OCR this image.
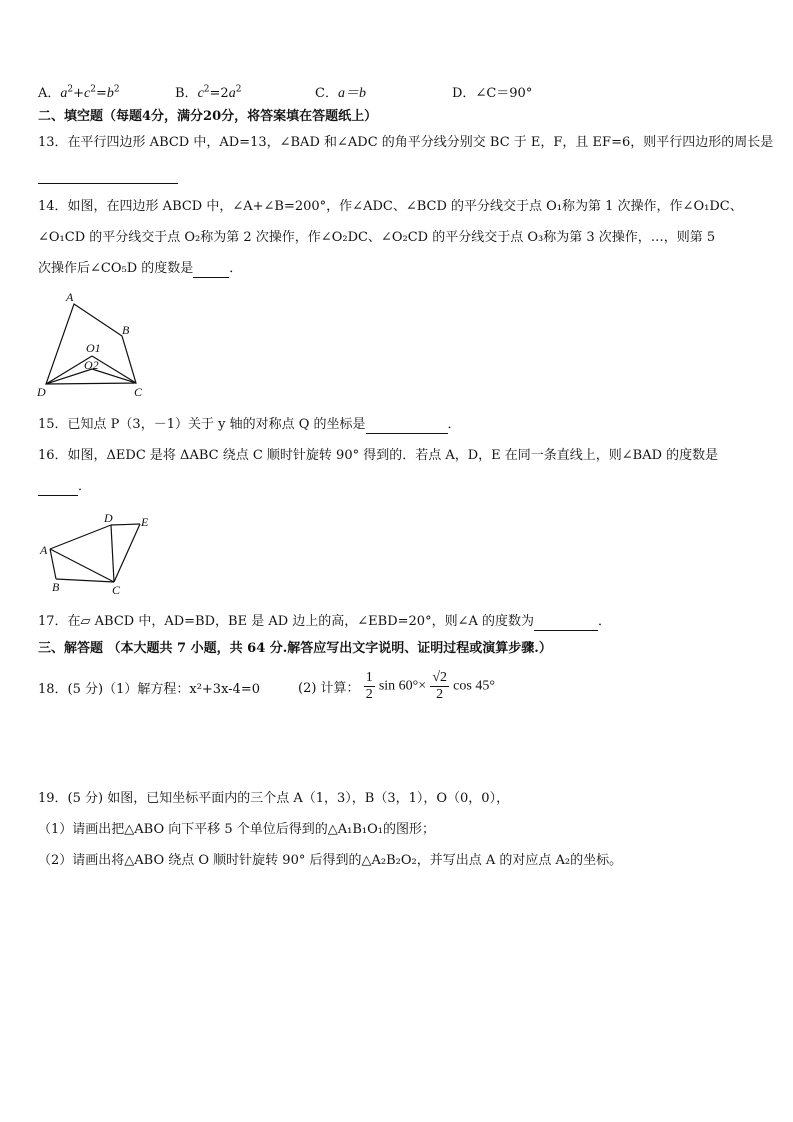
A．$a^2+c^2=b^2$	B．$c^2=2a^2$	C．a＝b	D．∠C＝90°
二、填空题（每题4分，满分20分，将答案填在答题纸上）
13．在平行四边形 ABCD 中，AD=13，∠BAD 和∠ADC 的角平分线分别交 BC 于 E，F，且 EF=6，则平行四边形的周长是
14．如图，在四边形 ABCD 中，∠A+∠B=200°，作∠ADC、∠BCD 的平分线交于点 O₁称为第 1 次操作，作∠O₁DC、
∠O₁CD 的平分线交于点 O₂称为第 2 次操作，作∠O₂DC、∠O₂CD 的平分线交于点 O₃称为第 3 次操作，…，则第 5
次操作后∠CO₅D 的度数是	．
A
B
C
D
O1
O2
15．已知点 P（3，－1）关于 y 轴的对称点 Q 的坐标是	．
16．如图，ΔEDC 是将 ΔABC 绕点 C 顺时针旋转 90° 得到的．若点 A，D，E 在同一条直线上，则∠BAD 的度数是
．
A
B	C
D E
17．在▱ ABCD 中，AD=BD，BE 是 AD 边上的高，∠EBD=20°，则∠A 的度数为	．
三、解答题 （本大题共 7 小题，共 64 分.解答应写出文字说明、证明过程或演算步骤.）
18．(5 分)（1）解方程：x²+3x-4=0	(2) 计算： $\frac{1}{2}$ $\sin 60^\circ\times \frac{√2}{2}$ cos 45°
19．(5 分) 如图，已知坐标平面内的三个点 A（1，3），B（3，1），O（0，0），
（1）请画出把△ABO 向下平移 5 个单位后得到的△A₁B₁O₁的图形；
（2）请画出将△ABO 绕点 O 顺时针旋转 90° 后得到的△A₂B₂O₂，并写出点 A 的对应点 A₂的坐标。
